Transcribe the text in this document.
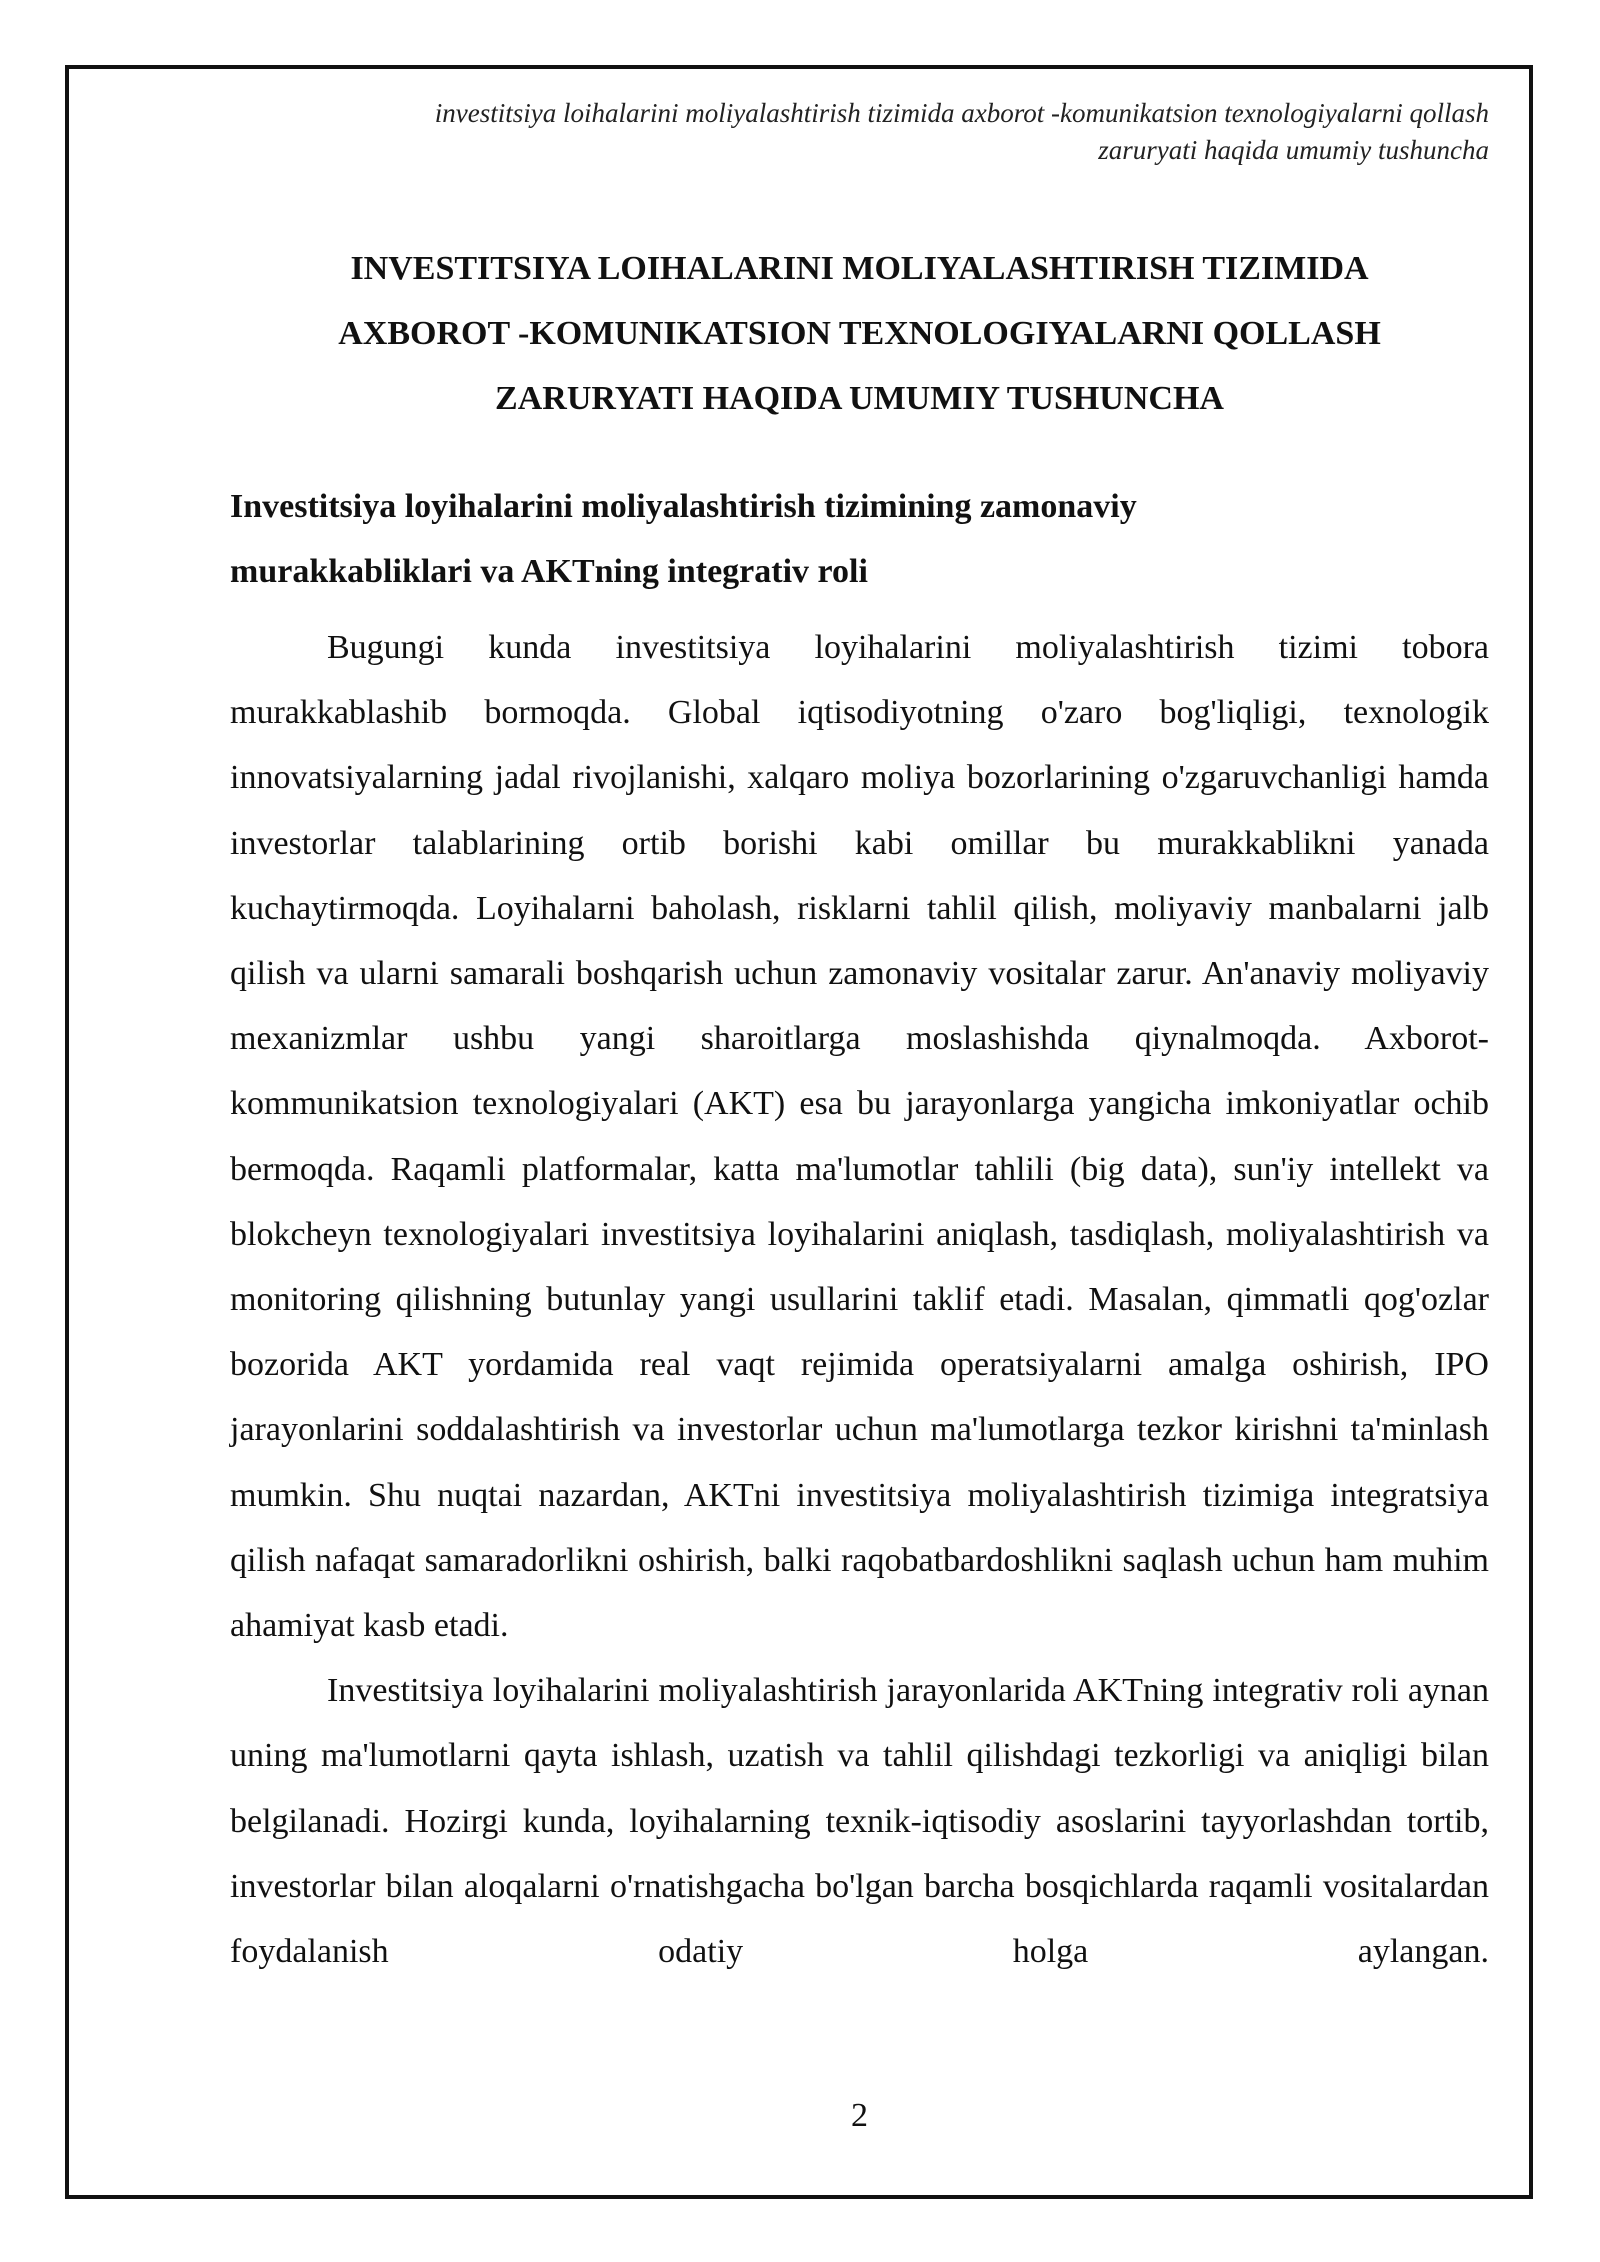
investitsiya loihalarini moliyalashtirish tizimida axborot -komunikatsion texnologiyalarni qollash
zaruryati haqida umumiy tushuncha
INVESTITSIYA LOIHALARINI MOLIYALASHTIRISH TIZIMIDA
AXBOROT -KOMUNIKATSION TEXNOLOGIYALARNI QOLLASH
ZARURYATI HAQIDA UMUMIY TUSHUNCHA
Investitsiya loyihalarini moliyalashtirish tizimining zamonaviy
murakkabliklari va AKTning integrativ roli

Bugungi kunda investitsiya loyihalarini moliyalashtirish tizimi tobora murakkablashib bormoqda. Global iqtisodiyotning o'zaro bog'liqligi, texnologik innovatsiyalarning jadal rivojlanishi, xalqaro moliya bozorlarining o'zgaruvchanligi hamda investorlar talablarining ortib borishi kabi omillar bu murakkablikni yanada kuchaytirmoqda. Loyihalarni baholash, risklarni tahlil qilish, moliyaviy manbalarni jalb qilish va ularni samarali boshqarish uchun zamonaviy vositalar zarur. An'anaviy moliyaviy mexanizmlar ushbu yangi sharoitlarga moslashishda qiynalmoqda. Axborot-kommunikatsion texnologiyalari (AKT) esa bu jarayonlarga yangicha imkoniyatlar ochib bermoqda. Raqamli platformalar, katta ma'lumotlar tahlili (big data), sun'iy intellekt va blokcheyn texnologiyalari investitsiya loyihalarini aniqlash, tasdiqlash, moliyalashtirish va monitoring qilishning butunlay yangi usullarini taklif etadi. Masalan, qimmatli qog'ozlar bozorida AKT yordamida real vaqt rejimida operatsiyalarni amalga oshirish, IPO jarayonlarini soddalashtirish va investorlar uchun ma'lumotlarga tezkor kirishni ta'minlash mumkin. Shu nuqtai nazardan, AKTni investitsiya moliyalashtirish tizimiga integratsiya qilish nafaqat samaradorlikni oshirish, balki raqobatbardoshlikni saqlash uchun ham muhim ahamiyat kasb etadi.

Investitsiya loyihalarini moliyalashtirish jarayonlarida AKTning integrativ roli aynan uning ma'lumotlarni qayta ishlash, uzatish va tahlil qilishdagi tezkorligi va aniqligi bilan belgilanadi. Hozirgi kunda, loyihalarning texnik-iqtisodiy asoslarini tayyorlashdan tortib, investorlar bilan aloqalarni o'rnatishgacha bo'lgan barcha bosqichlarda raqamli vositalardan foydalanish odatiy holga aylangan.

2
